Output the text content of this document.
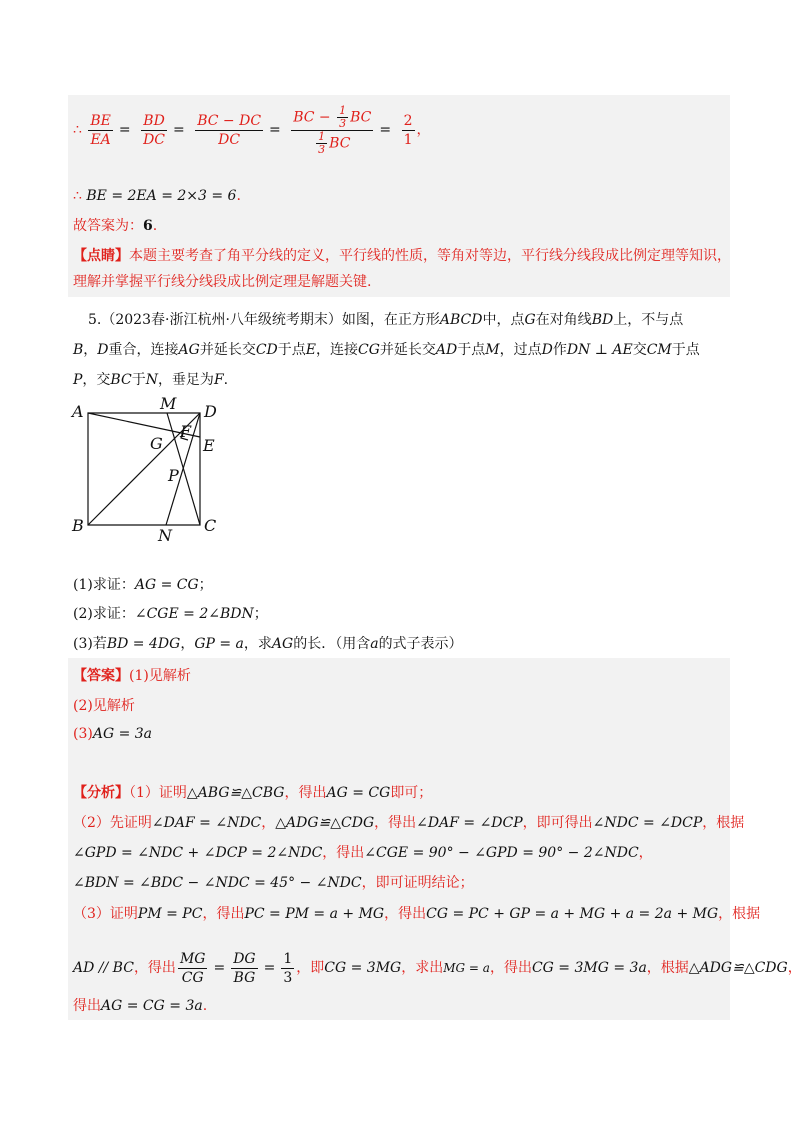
∴ $\frac{BE}{EA} = \frac{BD}{DC} = \frac{BC - DC}{DC} = \frac{BC - \frac{1}{3} BC}{\frac{1}{3} BC} = \frac{2}{1}$ ，
∴ BE = 2EA = 2×3 = 6.
故答案为：6.
【点睛】本题主要考查了角平分线的定义，平行线的性质，等角对等边，平行线分线段成比例定理等知识，
理解并掌握平行线分线段成比例定理是解题关键.
5.（2023春·浙江杭州·八年级统考期末）如图，在正方形ABCD中，点G在对角线BD上，不与点
B，D重合，连接AG并延长交CD于点E，连接CG并延长交AD于点M，过点D作DN ⊥ AE交CM于点
P，交BC于N，垂足为F.
A	M D
G
F
E
P
B
N
C
(1)求证：AG = CG；
(2)求证：∠CGE = 2∠BDN；
(3)若BD = 4DG，GP = a，求AG的长．（用含a的式子表示）
【答案】(1)见解析
(2)见解析
(3)AG = 3a
【分析】（1）证明△ABG≌△CBG，得出AG = CG即可；
（2）先证明∠DAF = ∠NDC，△ADG≌△CDG，得出∠DAF = ∠DCP，即可得出∠NDC = ∠DCP，根据
∠GPD = ∠NDC + ∠DCP = 2∠NDC，得出∠CGE = 90° − ∠GPD = 90° − 2∠NDC，
∠BDN = ∠BDC − ∠NDC = 45° − ∠NDC，即可证明结论；
（3）证明PM = PC，得出PC = PM = a + MG，得出CG = PC + GP = a + MG + a = 2a + MG，根据
AD // BC，得出 $\frac{MG}{CG} = \frac{DG}{BG} = \frac{1}{3}$ ，即CG = 3MG，求出MG = a，得出CG = 3MG = 3a，根据△ADG≌△CDG，
得出AG = CG = 3a.
